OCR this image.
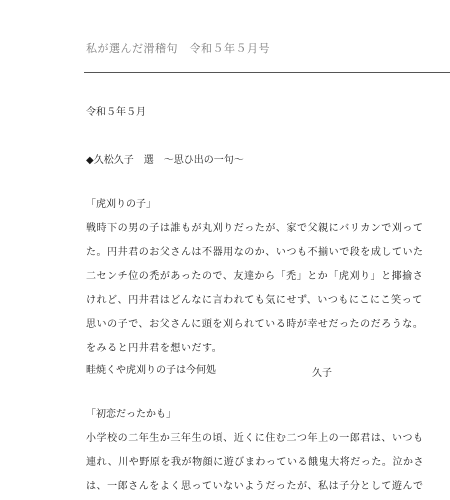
私が選んだ滑稽句　令和５年５月号
令和５年５月
◆久松久子　選　〜思ひ出の一句〜
「虎刈りの子」
戦時下の男の子は誰もが丸刈りだったが、家で父親にバリカンで刈って
た。円井君のお父さんは不器用なのか、いつも不揃いで段を成していた
二センチ位の禿があったので、友達から「禿」とか「虎刈り」と揶揄さ
けれど、円井君はどんなに言われても気にせず、いつもにこにこ笑って
思いの子で、お父さんに頭を刈られている時が幸せだったのだろうな。
をみると円井君を想いだす。
畦焼くや虎刈りの子は今何処	久子
「初恋だったかも」
小学校の二年生か三年生の頃、近くに住む二つ年上の一郎君は、いつも
連れ、川や野原を我が物顔に遊びまわっている餓鬼大将だった。泣かさ
は、一郎さんをよく思っていないようだったが、私は子分として遊んで
